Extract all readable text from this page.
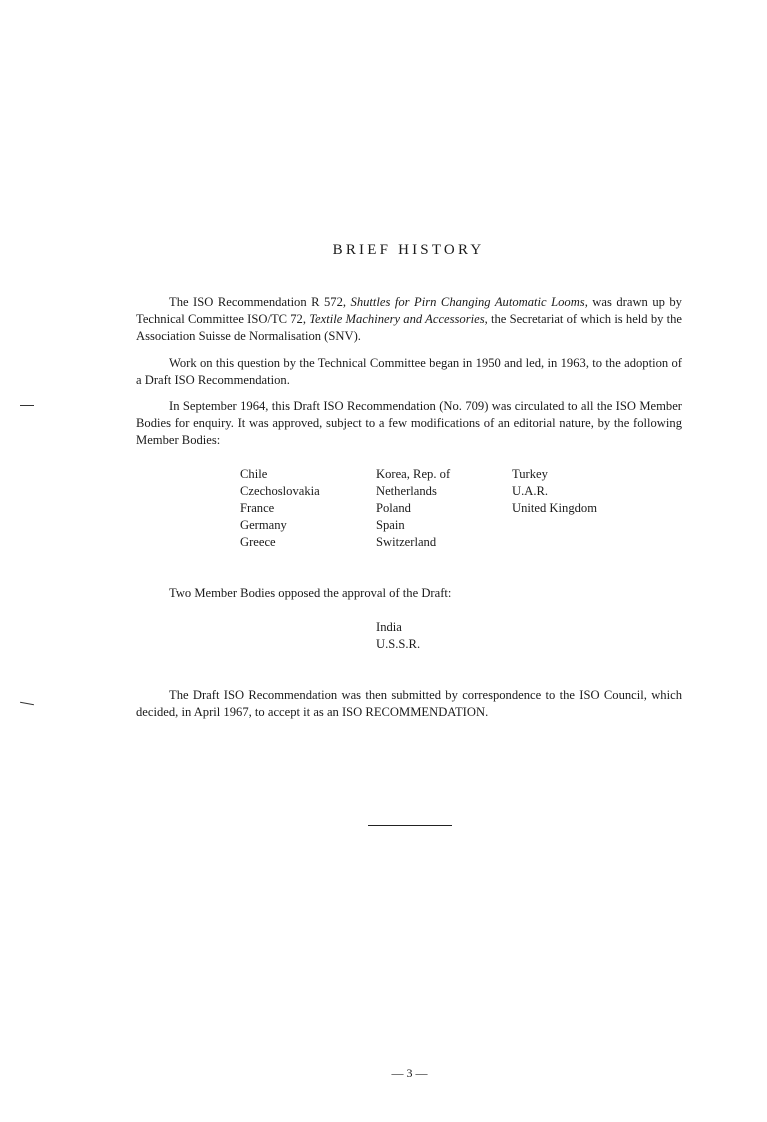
BRIEF HISTORY

The ISO Recommendation R 572, Shuttles for Pirn Changing Automatic Looms, was drawn up by Technical Committee ISO/TC 72, Textile Machinery and Accessories, the Secretariat of which is held by the Association Suisse de Normalisation (SNV).

Work on this question by the Technical Committee began in 1950 and led, in 1963, to the adoption of a Draft ISO Recommendation.

In September 1964, this Draft ISO Recommendation (No. 709) was circulated to all the ISO Member Bodies for enquiry. It was approved, subject to a few modifications of an editorial nature, by the following Member Bodies:

Chile
Czechoslovakia
France
Germany
Greece
Korea, Rep. of
Netherlands
Poland
Spain
Switzerland
Turkey
U.A.R.
United Kingdom

Two Member Bodies opposed the approval of the Draft:

India
U.S.S.R.

The Draft ISO Recommendation was then submitted by correspondence to the ISO Council, which decided, in April 1967, to accept it as an ISO RECOMMENDATION.

— 3 —
